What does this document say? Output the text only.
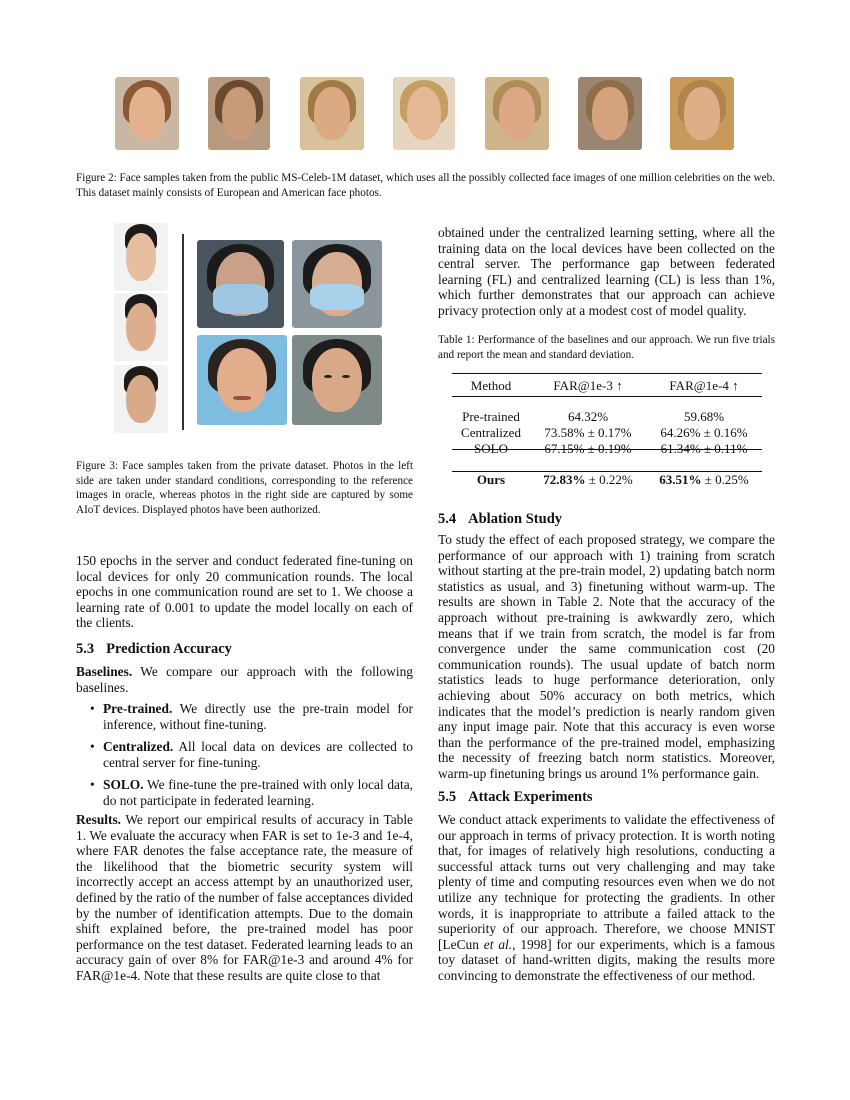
Figure 2: Face samples taken from the public MS-Celeb-1M dataset, which uses all the possibly collected face images of one million celebrities on the web. This dataset mainly consists of European and American face photos.
Figure 3: Face samples taken from the private dataset. Photos in the left side are taken under standard conditions, corresponding to the reference images in oracle, whereas photos in the right side are captured by some AIoT devices. Displayed photos have been authorized.
150 epochs in the server and conduct federated fine-tuning on local devices for only 20 communication rounds. The local epochs in one communication round are set to 1. We choose a learning rate of 0.001 to update the model locally on each of the clients.
5.3 Prediction Accuracy
Baselines. We compare our approach with the following baselines.
• Pre-trained. We directly use the pre-train model for inference, without fine-tuning.
• Centralized. All local data on devices are collected to central server for fine-tuning.
• SOLO. We fine-tune the pre-trained with only local data, do not participate in federated learning.
Results. We report our empirical results of accuracy in Table 1. We evaluate the accuracy when FAR is set to 1e-3 and 1e-4, where FAR denotes the false acceptance rate, the measure of the likelihood that the biometric security system will incorrectly accept an access attempt by an unauthorized user, defined by the ratio of the number of false acceptances divided by the number of identification attempts. Due to the domain shift explained before, the pre-trained model has poor performance on the test dataset. Federated learning leads to an accuracy gain of over 8% for FAR@1e-3 and around 4% for FAR@1e-4. Note that these results are quite close to that
obtained under the centralized learning setting, where all the training data on the local devices have been collected on the central server. The performance gap between federated learning (FL) and centralized learning (CL) is less than 1%, which further demonstrates that our approach can achieve privacy protection only at a modest cost of model quality.
Table 1: Performance of the baselines and our approach. We run five trials and report the mean and standard deviation.
Method	FAR@1e-3 ↑	FAR@1e-4 ↑

Pre-trained	64.32%	59.68%
Centralized	73.58% ± 0.17%	64.26% ± 0.16%
SOLO	67.15% ± 0.19%	61.34% ± 0.11%

Ours	72.83% ± 0.22%	63.51% ± 0.25%
5.4 Ablation Study
To study the effect of each proposed strategy, we compare the performance of our approach with 1) training from scratch without starting at the pre-train model, 2) updating batch norm statistics as usual, and 3) finetuning without warm-up. The results are shown in Table 2. Note that the accuracy of the approach without pre-training is awkwardly zero, which means that if we train from scratch, the model is far from convergence under the same communication cost (20 communication rounds). The usual update of batch norm statistics leads to huge performance deterioration, only achieving about 50% accuracy on both metrics, which indicates that the model’s prediction is nearly random given any input image pair. Note that this accuracy is even worse than the performance of the pre-trained model, emphasizing the necessity of freezing batch norm statistics. Moreover, warm-up finetuning brings us around 1% performance gain.
5.5 Attack Experiments
We conduct attack experiments to validate the effectiveness of our approach in terms of privacy protection. It is worth noting that, for images of relatively high resolutions, conducting a successful attack turns out very challenging and may take plenty of time and computing resources even when we do not utilize any technique for protecting the gradients. In other words, it is inappropriate to attribute a failed attack to the superiority of our approach. Therefore, we choose MNIST [LeCun et al., 1998] for our experiments, which is a famous toy dataset of hand-written digits, making the results more convincing to demonstrate the effectiveness of our method.
